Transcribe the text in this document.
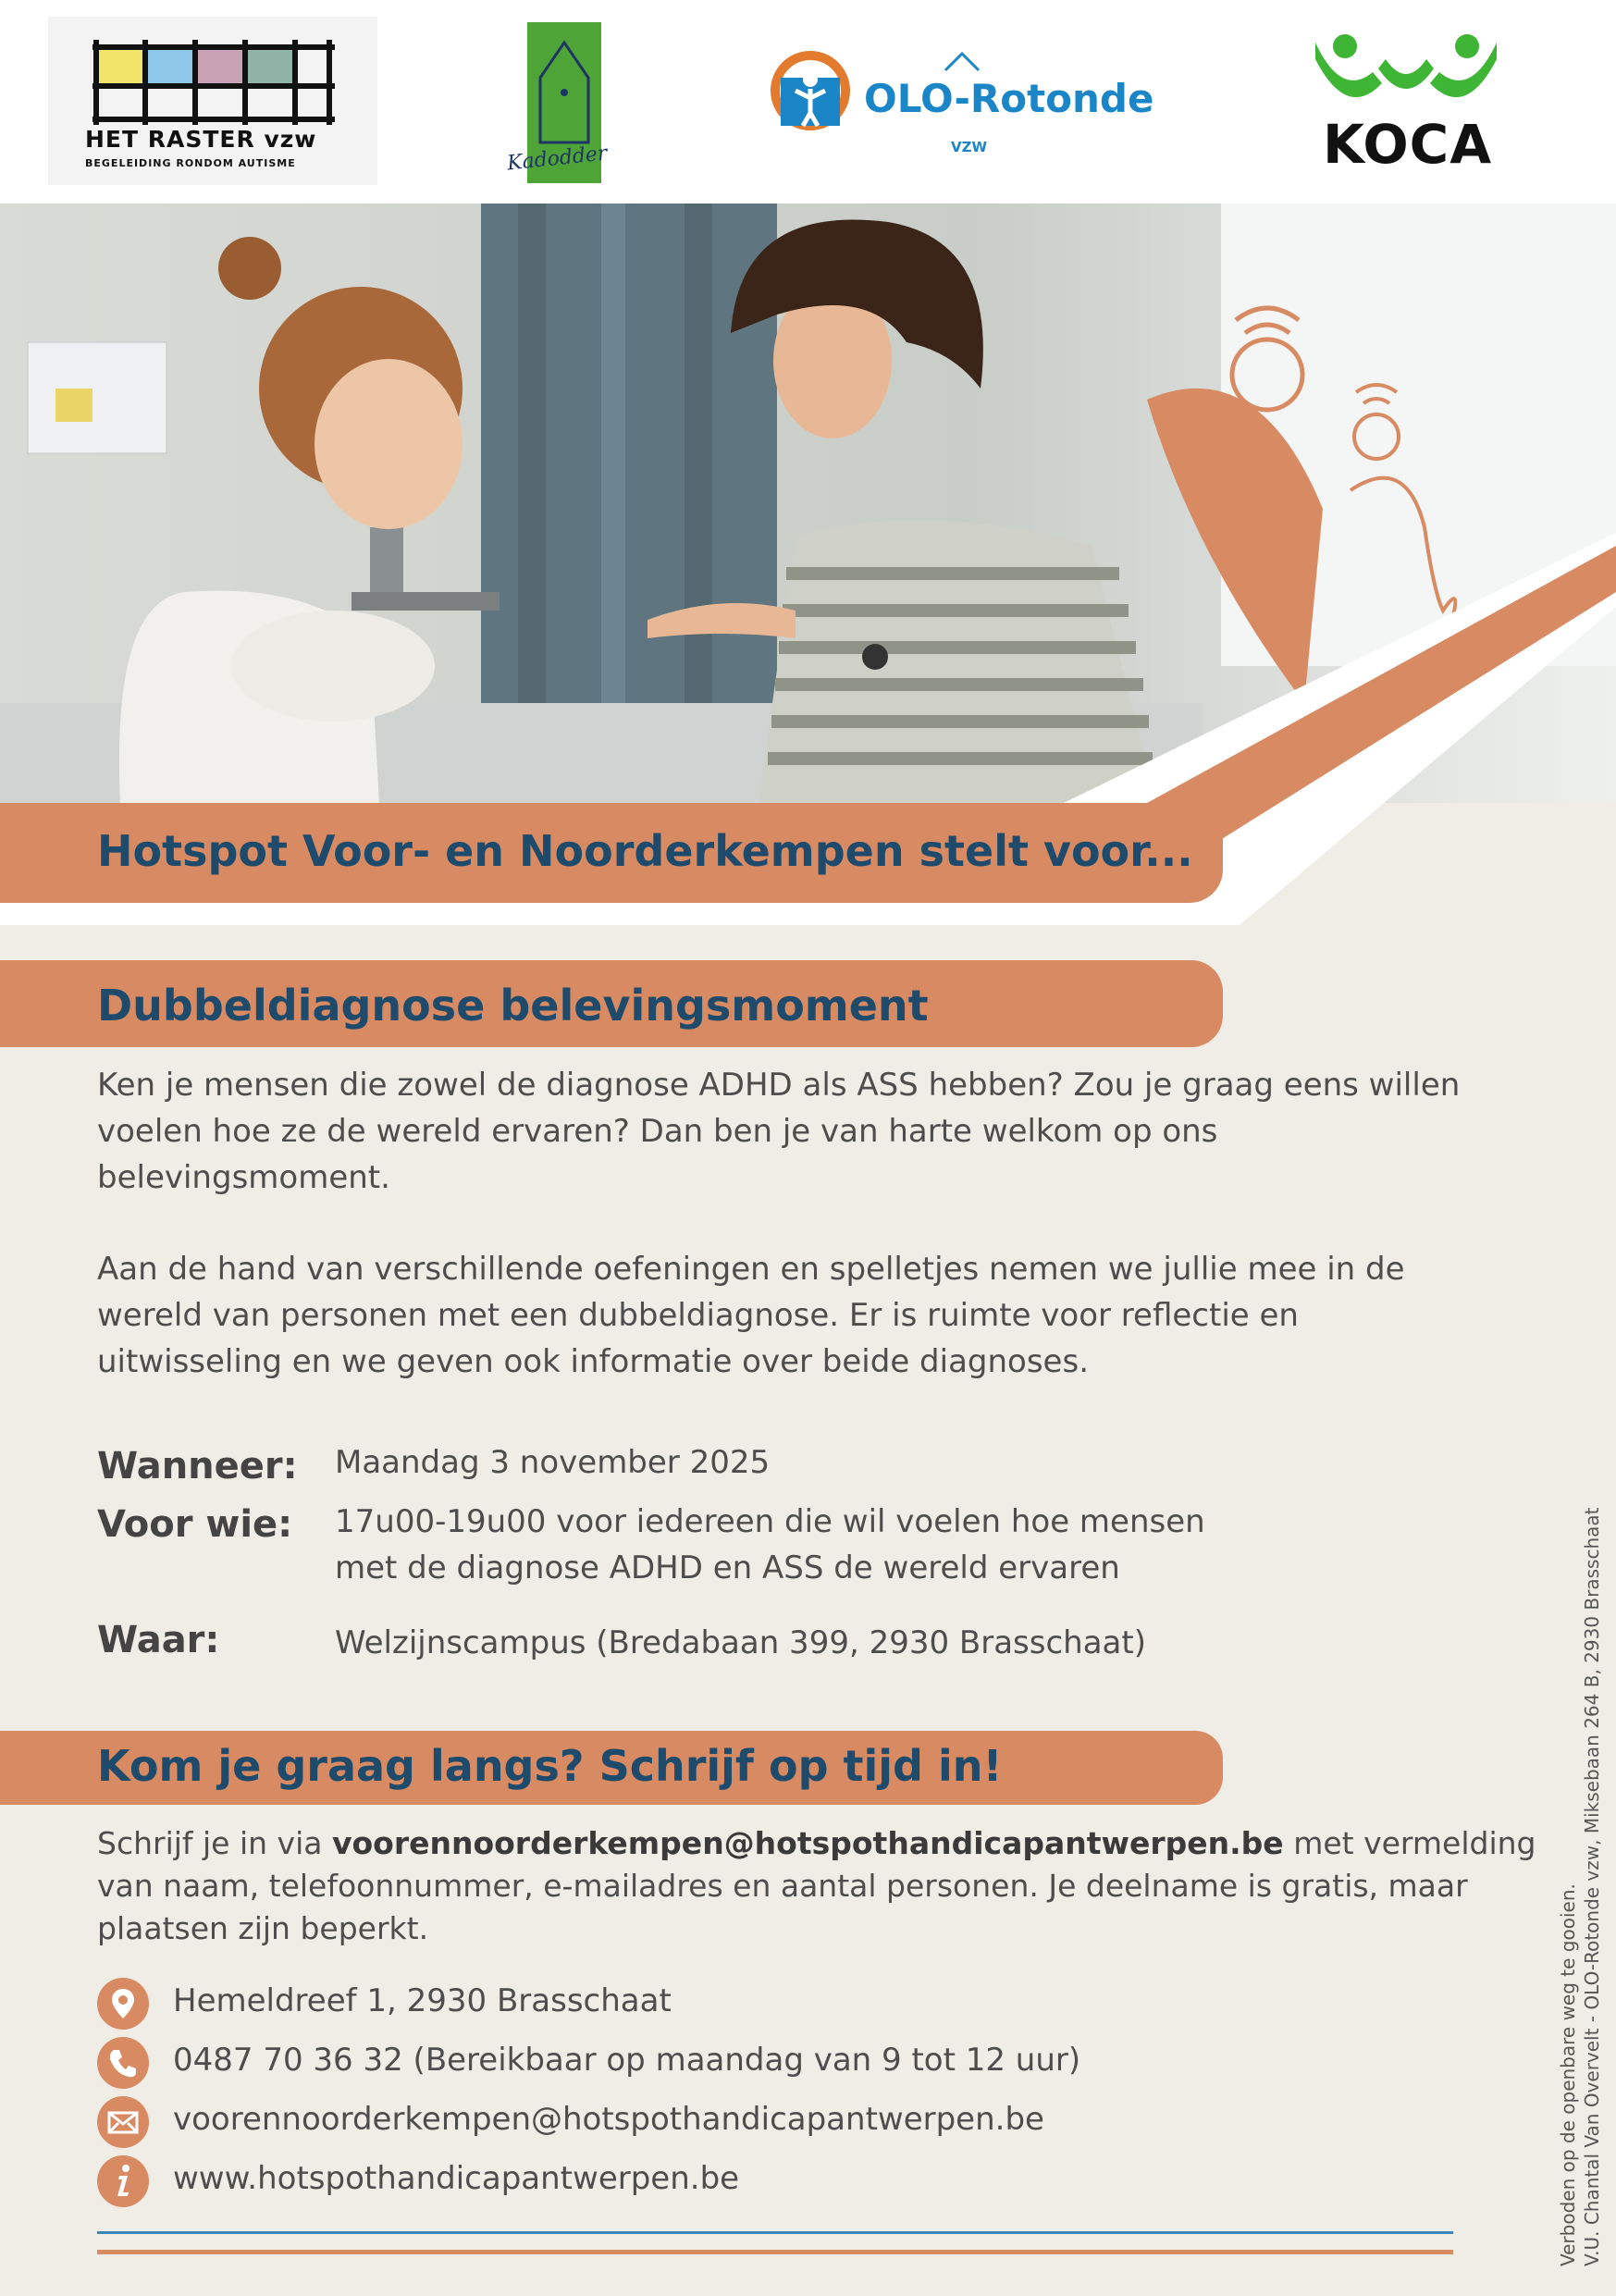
HET RASTER vzw
BEGELEIDING RONDOM AUTISME	Kadodder
OLO-Rotonde
VZW	KOCA
Hotspot Voor- en Noorderkempen stelt voor...
Dubbeldiagnose belevingsmoment
Ken je mensen die zowel de diagnose ADHD als ASS hebben? Zou je graag eens willen
voelen hoe ze de wereld ervaren? Dan ben je van harte welkom op ons
belevingsmoment.
Aan de hand van verschillende oefeningen en spelletjes nemen we jullie mee in de
wereld van personen met een dubbeldiagnose. Er is ruimte voor reflectie en
uitwisseling en we geven ook informatie over beide diagnoses.
Wanneer: Maandag 3 november 2025
Voor wie: 17u00-19u00 voor iedereen die wil voelen hoe mensen
met de diagnose ADHD en ASS de wereld ervaren
Waar:	Welzijnscampus (Bredabaan 399, 2930 Brasschaat)
Kom je graag langs? Schrijf op tijd in!
Schrijf je in via voorennoorderkempen@hotspothandicapantwerpen.be met vermelding
van naam, telefoonnummer, e-mailadres en aantal personen. Je deelname is gratis, maar
plaatsen zijn beperkt.
Hemeldreef 1, 2930 Brasschaat
0487 70 36 32 (Bereikbaar op maandag van 9 tot 12 uur)
voorennoorderkempen@hotspothandicapantwerpen.be
www.hotspothandicapantwerpen.be	Verboden op de openbare weg te gooien. V.U. Chantal Van Overvelt - OLO-Rotonde vzw, Miksebaan 264 B, 2930 Brasschaat
